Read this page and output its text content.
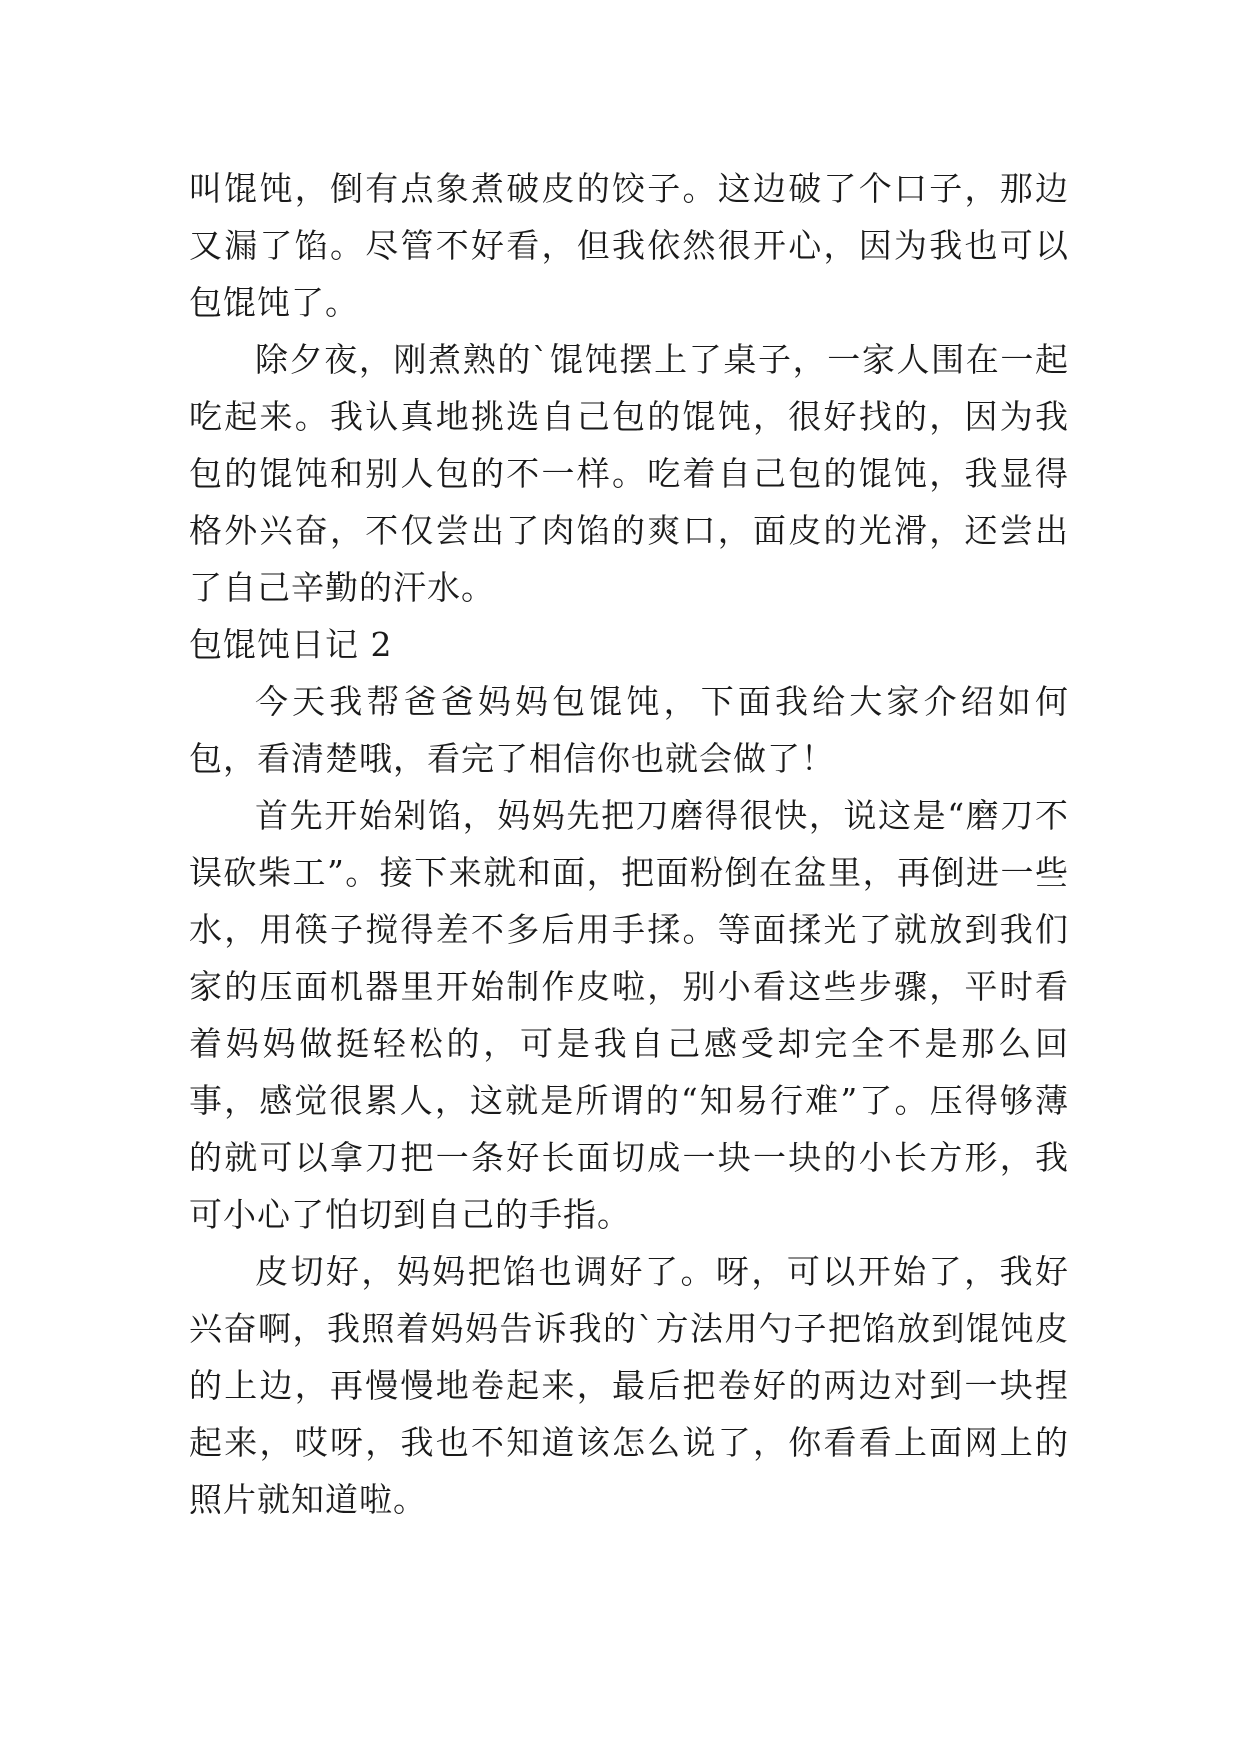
叫馄饨，倒有点象煮破皮的饺子。这边破了个口子，那边又漏了馅。尽管不好看，但我依然很开心，因为我也可以包馄饨了。

除夕夜，刚煮熟的`馄饨摆上了桌子，一家人围在一起吃起来。我认真地挑选自己包的馄饨，很好找的，因为我包的馄饨和别人包的不一样。吃着自己包的馄饨，我显得格外兴奋，不仅尝出了肉馅的爽口，面皮的光滑，还尝出了自己辛勤的汗水。

包馄饨日记 2

今天我帮爸爸妈妈包馄饨，下面我给大家介绍如何包，看清楚哦，看完了相信你也就会做了！

首先开始剁馅，妈妈先把刀磨得很快，说这是“磨刀不误砍柴工”。接下来就和面，把面粉倒在盆里，再倒进一些水，用筷子搅得差不多后用手揉。等面揉光了就放到我们家的压面机器里开始制作皮啦，别小看这些步骤，平时看着妈妈做挺轻松的，可是我自己感受却完全不是那么回事，感觉很累人，这就是所谓的“知易行难”了。压得够薄的就可以拿刀把一条好长面切成一块一块的小长方形，我可小心了怕切到自己的手指。

皮切好，妈妈把馅也调好了。呀，可以开始了，我好兴奋啊，我照着妈妈告诉我的`方法用勺子把馅放到馄饨皮的上边，再慢慢地卷起来，最后把卷好的两边对到一块捏起来，哎呀，我也不知道该怎么说了，你看看上面网上的照片就知道啦。
